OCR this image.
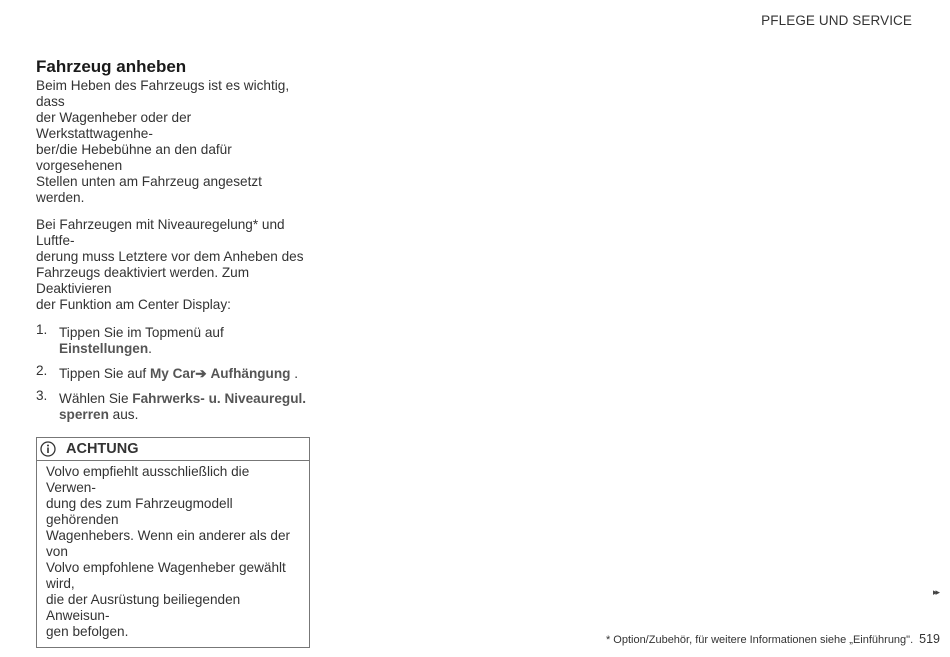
PFLEGE UND SERVICE
Fahrzeug anheben

Beim Heben des Fahrzeugs ist es wichtig, dass
der Wagenheber oder der Werkstattwagenhe-
ber/die Hebebühne an den dafür vorgesehenen
Stellen unten am Fahrzeug angesetzt werden.

Bei Fahrzeugen mit Niveauregelung* und Luftfe-
derung muss Letztere vor dem Anheben des
Fahrzeugs deaktiviert werden. Zum Deaktivieren
der Funktion am Center Display:

1. Tippen Sie im Topmenü auf Einstellungen.
2. Tippen Sie auf My Car➔ Aufhängung .
3. Wählen Sie Fahrwerks- u. Niveauregul.
sperren aus.
ACHTUNG
Volvo empfiehlt ausschließlich die Verwen-
dung des zum Fahrzeugmodell gehörenden
Wagenhebers. Wenn ein anderer als der von
Volvo empfohlene Wagenheber gewählt wird,
die der Ausrüstung beiliegenden Anweisun-
gen befolgen.
▸▸
* Option/Zubehör, für weitere Informationen siehe „Einführung". 519
